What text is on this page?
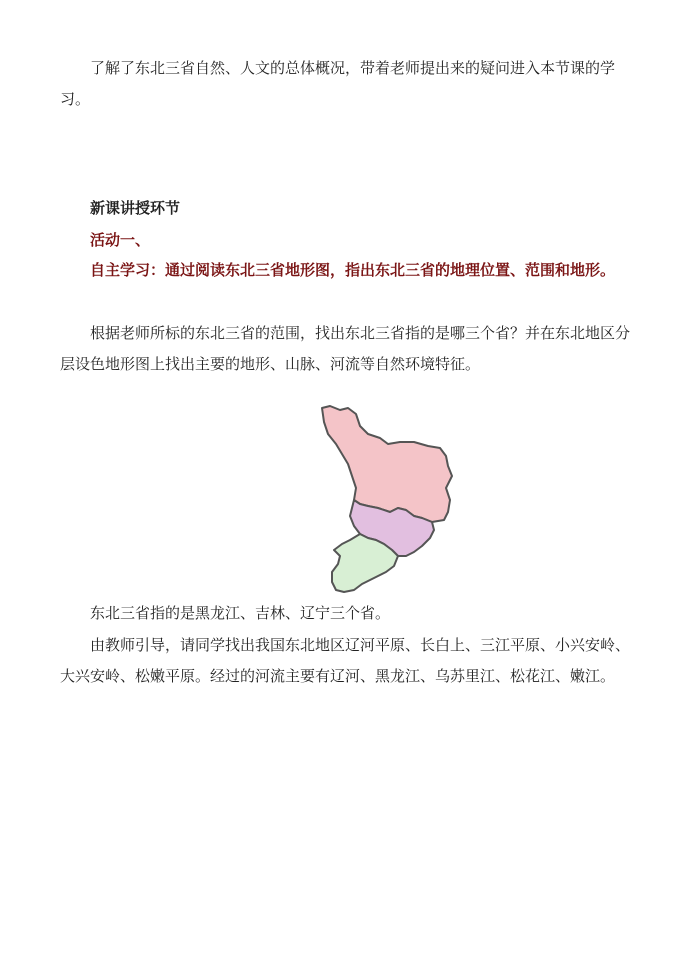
了解了东北三省自然、人文的总体概况，带着老师提出来的疑问进入本节课的学习。

新课讲授环节

活动一、

自主学习：通过阅读东北三省地形图，指出东北三省的地理位置、范围和地形。

根据老师所标的东北三省的范围，找出东北三省指的是哪三个省？并在东北地区分层设色地形图上找出主要的地形、山脉、河流等自然环境特征。

东北三省指的是黑龙江、吉林、辽宁三个省。

由教师引导，请同学找出我国东北地区辽河平原、长白上、三江平原、小兴安岭、大兴安岭、松嫩平原。经过的河流主要有辽河、黑龙江、乌苏里江、松花江、嫩江。
